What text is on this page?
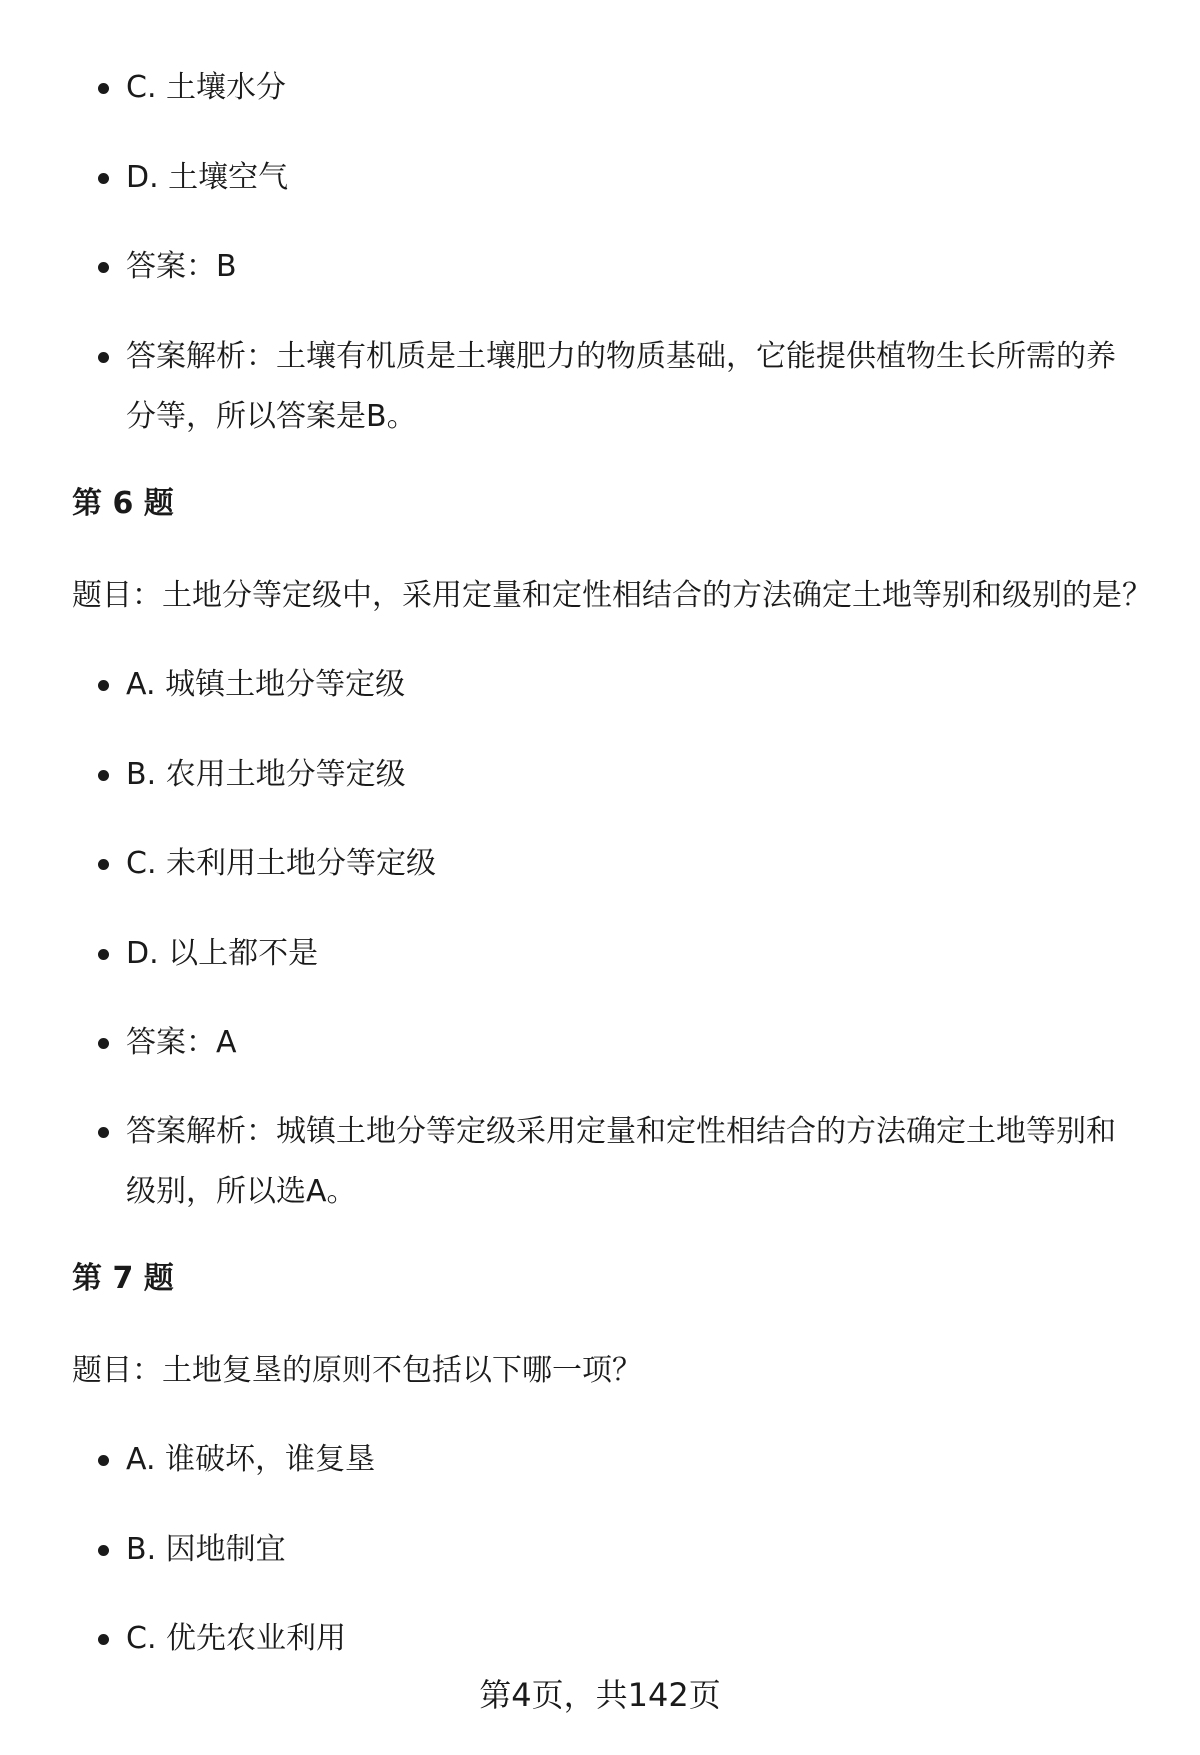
C. 土壤水分
D. 土壤空气
答案：B
答案解析：土壤有机质是土壤肥力的物质基础，它能提供植物生长所需的养分等，所以答案是B。
第 6 题

题目：土地分等定级中，采用定量和定性相结合的方法确定土地等别和级别的是？

A. 城镇土地分等定级
B. 农用土地分等定级
C. 未利用土地分等定级
D. 以上都不是
答案：A
答案解析：城镇土地分等定级采用定量和定性相结合的方法确定土地等别和级别，所以选A。
第 7 题

题目：土地复垦的原则不包括以下哪一项？

A. 谁破坏，谁复垦
B. 因地制宜
C. 优先农业利用
第4页，共142页
